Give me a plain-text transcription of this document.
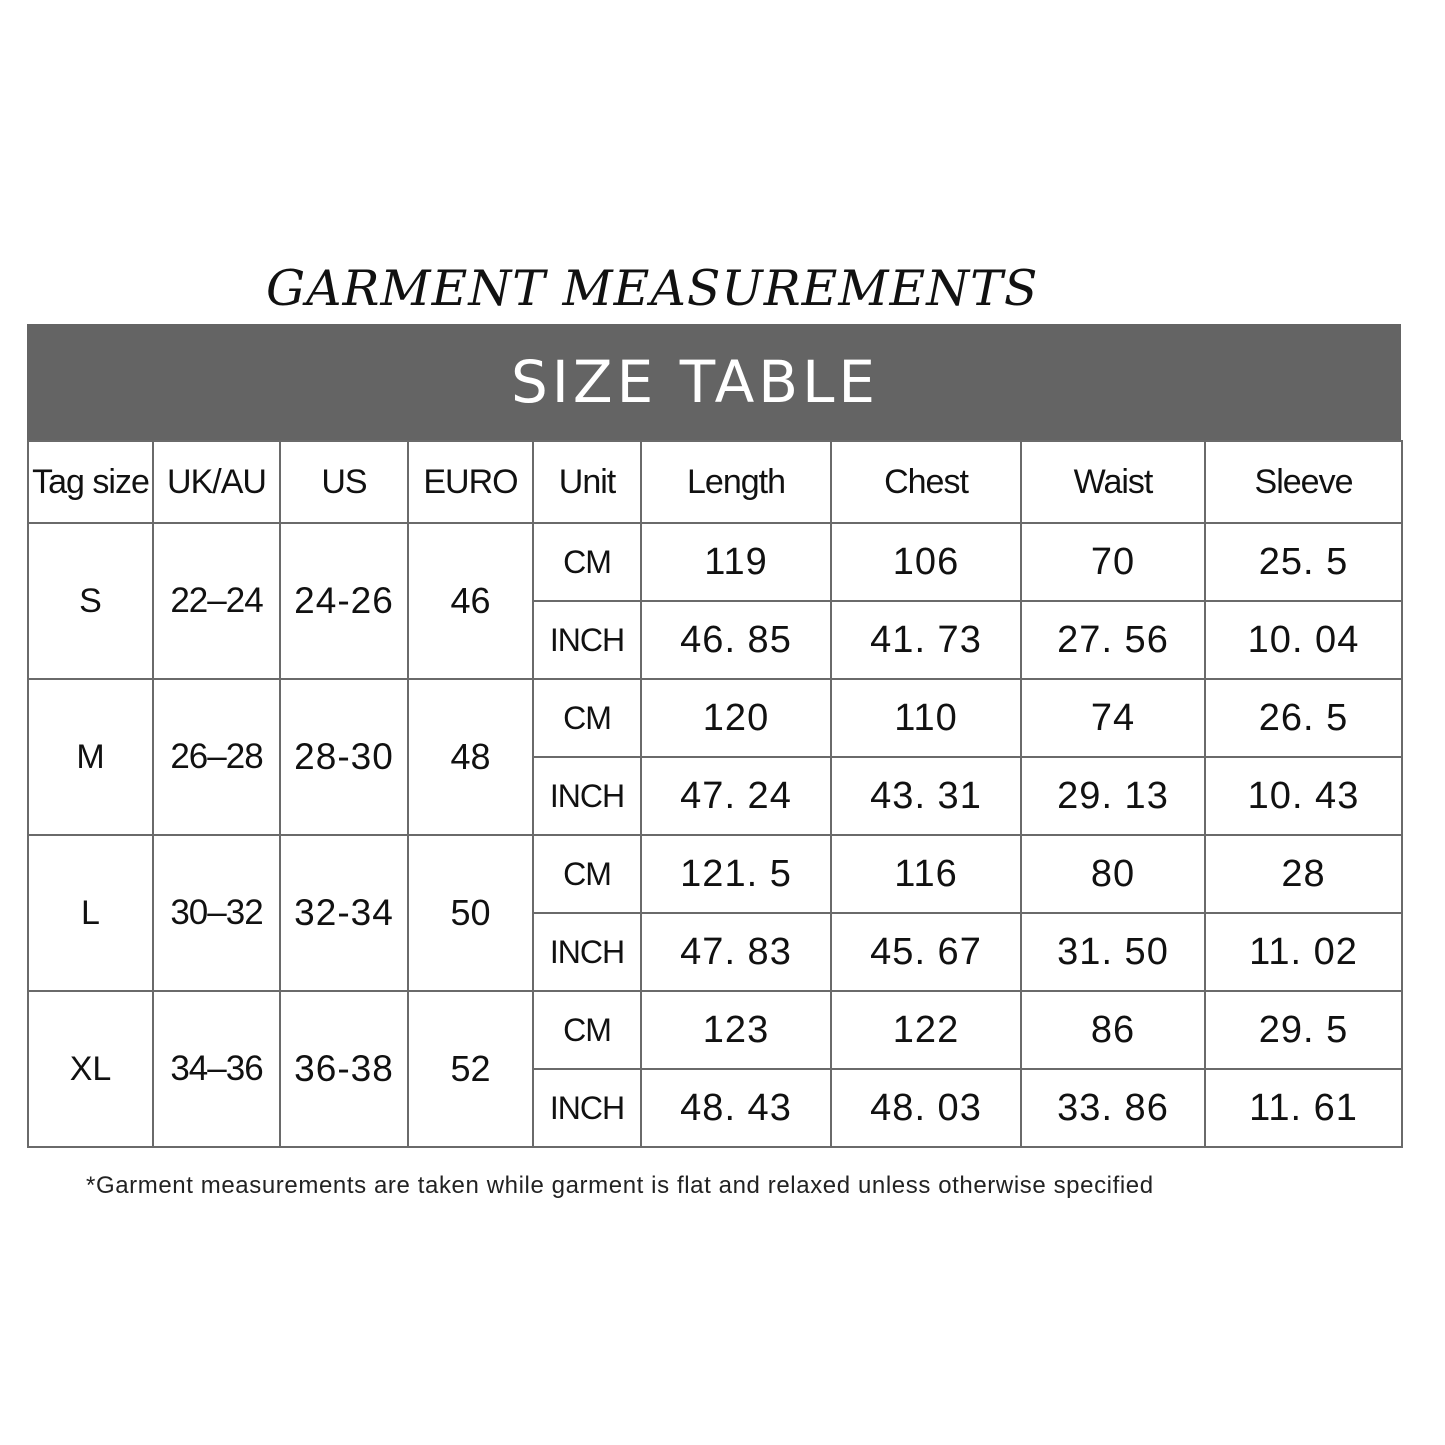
GARMENT MEASUREMENTS
SIZE TABLE
Tag size	UK/AU	US	EURO	Unit	Length	Chest	Waist	Sleeve
S	22–24	24-26	46	CM	119	106	70	25. 5
				INCH	46. 85	41. 73	27. 56	10. 04
M	26–28	28-30	48	CM	120	110	74	26. 5
				INCH	47. 24	43. 31	29. 13	10. 43
L	30–32	32-34	50	CM	121. 5	116	80	28
				INCH	47. 83	45. 67	31. 50	11. 02
XL	34–36	36-38	52	CM	123	122	86	29. 5
				INCH	48. 43	48. 03	33. 86	11. 61
*Garment measurements are taken while garment is flat and relaxed unless otherwise specified
